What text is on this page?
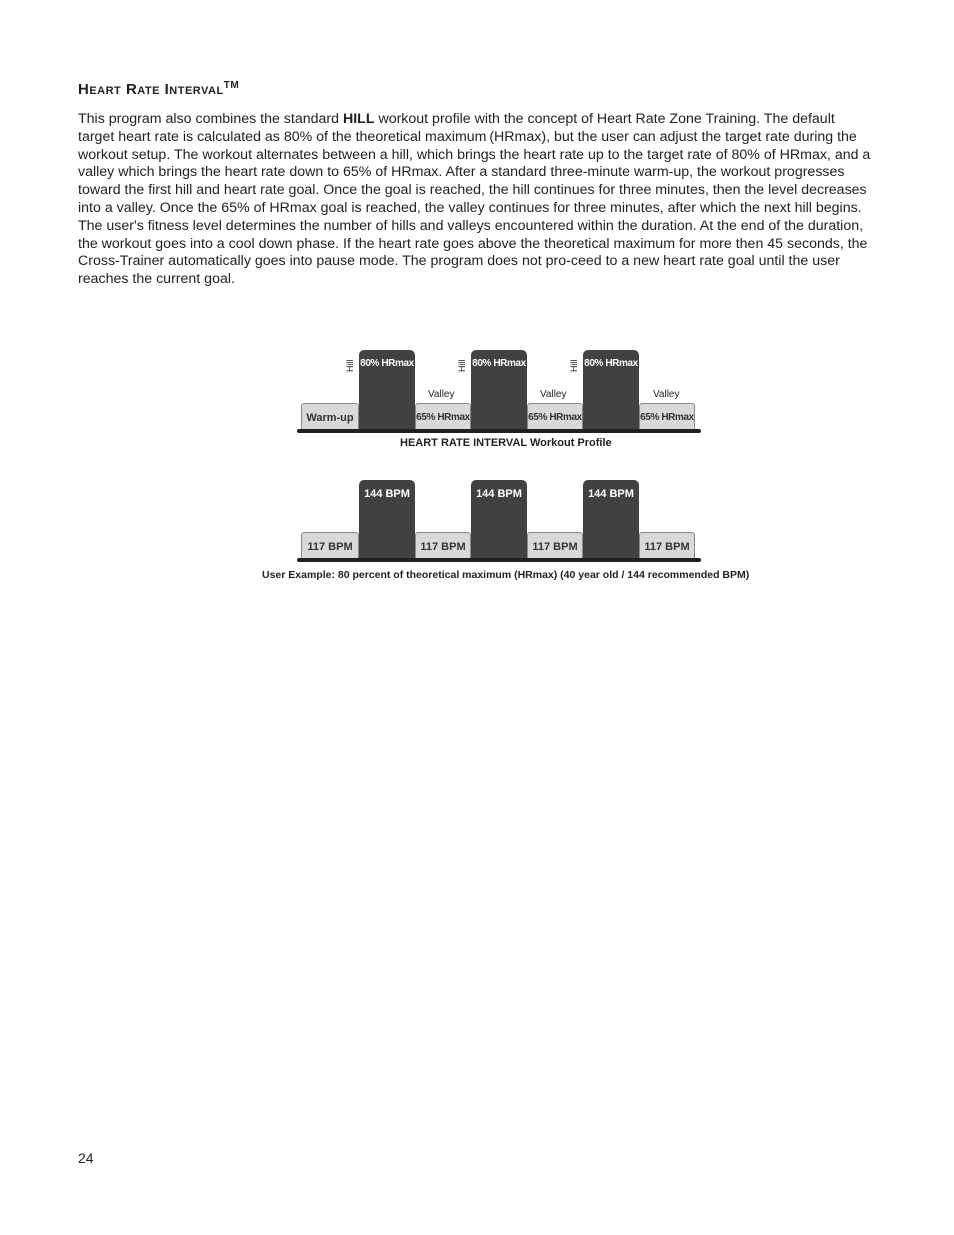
Heart Rate Interval™

This program also combines the standard HILL workout profile with the concept of Heart Rate Zone Training. The default target heart rate is calculated as 80% of the theoretical maximum (HRmax), but the user can adjust the target rate during the workout setup. The workout alternates between a hill, which brings the heart rate up to the target rate of 80% of HRmax, and a valley which brings the heart rate down to 65% of HRmax. After a standard three-minute warm-up, the workout progresses toward the first hill and heart rate goal. Once the goal is reached, the hill continues for three minutes, then the level decreases into a valley. Once the 65% of HRmax goal is reached, the valley continues for three minutes, after which the next hill begins. The user's fitness level determines the number of hills and valleys encountered within the duration. At the end of the duration, the workout goes into a cool down phase. If the heart rate goes above the theoretical maximum for more then 45 seconds, the Cross-Trainer automatically goes into pause mode. The program does not pro-ceed to a new heart rate goal until the user reaches the current goal.

Warm-up
80% HRmax
Hill
65% HRmax
Valley
80% HRmax
Hill
65% HRmax
Valley
80% HRmax
Hill
65% HRmax
Valley
HEART RATE INTERVAL Workout Profile
117 BPM
144 BPM
117 BPM
144 BPM
117 BPM
144 BPM
117 BPM
User Example: 80 percent of theoretical maximum (HRmax) (40 year old / 144 recommended BPM)
24
